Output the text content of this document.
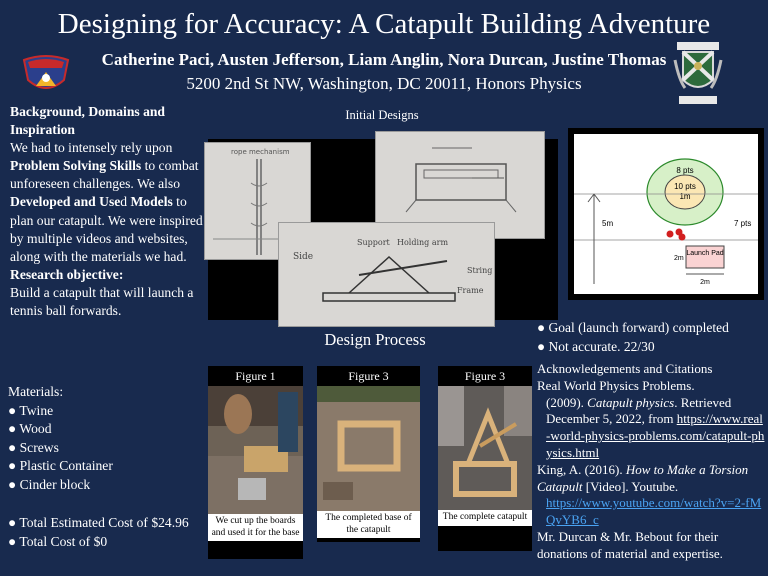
Designing for Accuracy: A Catapult Building Adventure
Catherine Paci, Austen Jefferson, Liam Anglin, Nora Durcan, Justine Thomas
5200 2nd St NW, Washington, DC 20011, Honors Physics
Background, Domains and Inspiration
We had to intensely rely upon Problem Solving Skills to combat unforeseen challenges. We also Developed and Used Models to plan our catapult. We were inspired by multiple videos and websites, along with the materials we had.
Research objective:
Build a catapult that will launch a tennis ball forwards.
Initial Designs
rope mechanism
Side
Support Holding arm
String
Frame
8 pts
10 pts
1m
5m	7 pts
Launch Pad
2m
2m
Design Process
● Goal (launch forward) completed
● Not accurate. 22/30
Figure 1
We cut up the boards and used it for the base
Figure 3
The completed base of the catapult
Figure 3
The complete catapult
Materials:
● Twine
● Wood
● Screws
● Plastic Container
● Cinder block
● Total Estimated Cost of $24.96
● Total Cost of $0
Acknowledgements and Citations
Real World Physics Problems.
(2009). Catapult physics. Retrieved December 5, 2022, from https://www.real-world-physics-problems.com/catapult-physics.html
King, A. (2016). How to Make a Torsion Catapult [Video]. Youtube.
https://www.youtube.com/watch?v=2-fMQvYB6_c
Mr. Durcan & Mr. Bebout for their donations of material and expertise.
